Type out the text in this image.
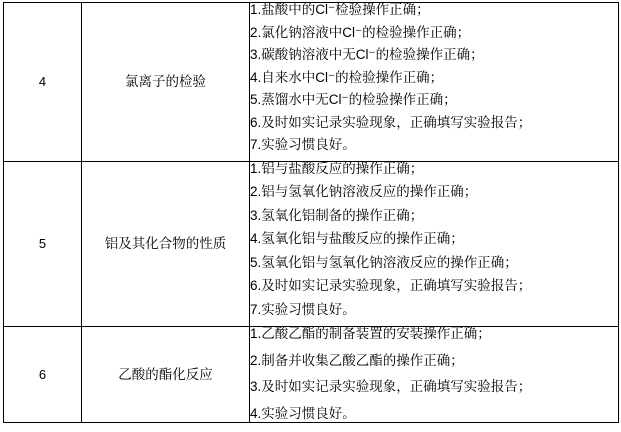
4	氯离子的检验	
1.盐酸中的Cl⁻检验操作正确；
2.氯化钠溶液中Cl⁻的检验操作正确；
3.碳酸钠溶液中无Cl⁻的检验操作正确；
4.自来水中Cl⁻的检验操作正确；
5.蒸馏水中无Cl⁻的检验操作正确；
6.及时如实记录实验现象，正确填写实验报告；
7.实验习惯良好。

5	铝及其化合物的性质	
1.铝与盐酸反应的操作正确；
2.铝与氢氧化钠溶液反应的操作正确；
3.氢氧化铝制备的操作正确；
4.氢氧化铝与盐酸反应的操作正确；
5.氢氧化铝与氢氧化钠溶液反应的操作正确；
6.及时如实记录实验现象，正确填写实验报告；
7.实验习惯良好。

6	乙酸的酯化反应	1.乙酸乙酯的制备装置的安装操作正确；
2.制备并收集乙酸乙酯的操作正确；
3.及时如实记录实验现象，正确填写实验报告；
4.实验习惯良好。
